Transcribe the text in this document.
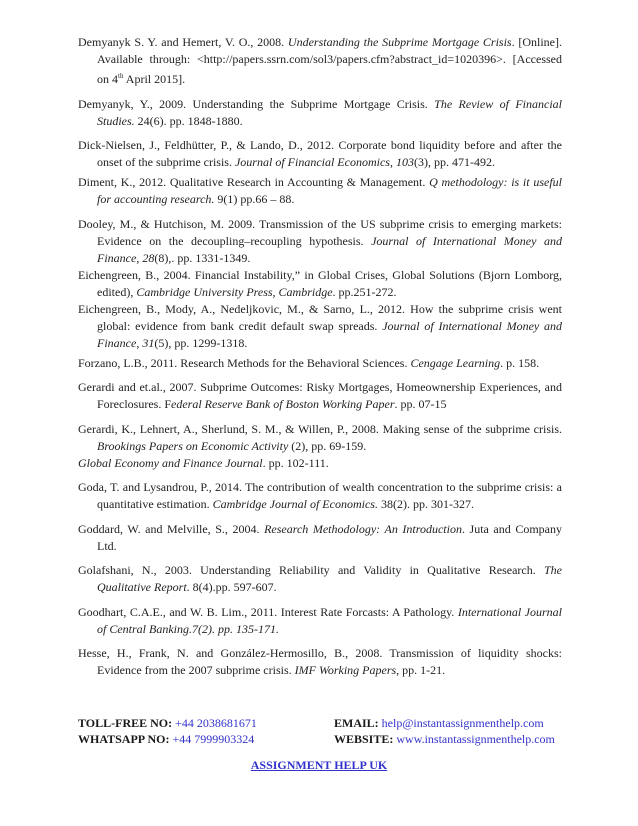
Demyanyk S. Y. and Hemert, V. O., 2008. Understanding the Subprime Mortgage Crisis. [Online]. Available through: <http://papers.ssrn.com/sol3/papers.cfm?abstract_id=1020396>. [Accessed on 4th April 2015].

Demyanyk, Y., 2009. Understanding the Subprime Mortgage Crisis. The Review of Financial Studies. 24(6). pp. 1848-1880.

Dick-Nielsen, J., Feldhütter, P., & Lando, D., 2012. Corporate bond liquidity before and after the onset of the subprime crisis. Journal of Financial Economics, 103(3), pp. 471-492.

Diment, K., 2012. Qualitative Research in Accounting & Management. Q methodology: is it useful for accounting research. 9(1) pp.66 – 88.

Dooley, M., & Hutchison, M. 2009. Transmission of the US subprime crisis to emerging markets: Evidence on the decoupling–recoupling hypothesis. Journal of International Money and Finance, 28(8),. pp. 1331-1349.

Eichengreen, B., 2004. Financial Instability,” in Global Crises, Global Solutions (Bjorn Lomborg, edited), Cambridge University Press, Cambridge. pp.251-272.

Eichengreen, B., Mody, A., Nedeljkovic, M., & Sarno, L., 2012. How the subprime crisis went global: evidence from bank credit default swap spreads. Journal of International Money and Finance, 31(5), pp. 1299-1318.

Forzano, L.B., 2011. Research Methods for the Behavioral Sciences. Cengage Learning. p. 158.

Gerardi and et.al., 2007. Subprime Outcomes: Risky Mortgages, Homeownership Experiences, and Foreclosures. Federal Reserve Bank of Boston Working Paper. pp. 07-15

Gerardi, K., Lehnert, A., Sherlund, S. M., & Willen, P., 2008. Making sense of the subprime crisis. Brookings Papers on Economic Activity (2), pp. 69-159.

Global Economy and Finance Journal. pp. 102-111.

Goda, T. and Lysandrou, P., 2014. The contribution of wealth concentration to the subprime crisis: a quantitative estimation. Cambridge Journal of Economics. 38(2). pp. 301-327.

Goddard, W. and Melville, S., 2004. Research Methodology: An Introduction. Juta and Company Ltd.

Golafshani, N., 2003. Understanding Reliability and Validity in Qualitative Research. The Qualitative Report. 8(4).pp. 597-607.

Goodhart, C.A.E., and W. B. Lim., 2011. Interest Rate Forcasts: A Pathology. International Journal of Central Banking.7(2). pp. 135-171.

Hesse, H., Frank, N. and González-Hermosillo, B., 2008. Transmission of liquidity shocks: Evidence from the 2007 subprime crisis. IMF Working Papers, pp. 1-21.

TOLL-FREE NO: +44 2038681671	EMAIL: help@instantassignmenthelp.com
WHATSAPP NO: +44 7999903324	WEBSITE: www.instantassignmenthelp.com
ASSIGNMENT HELP UK
